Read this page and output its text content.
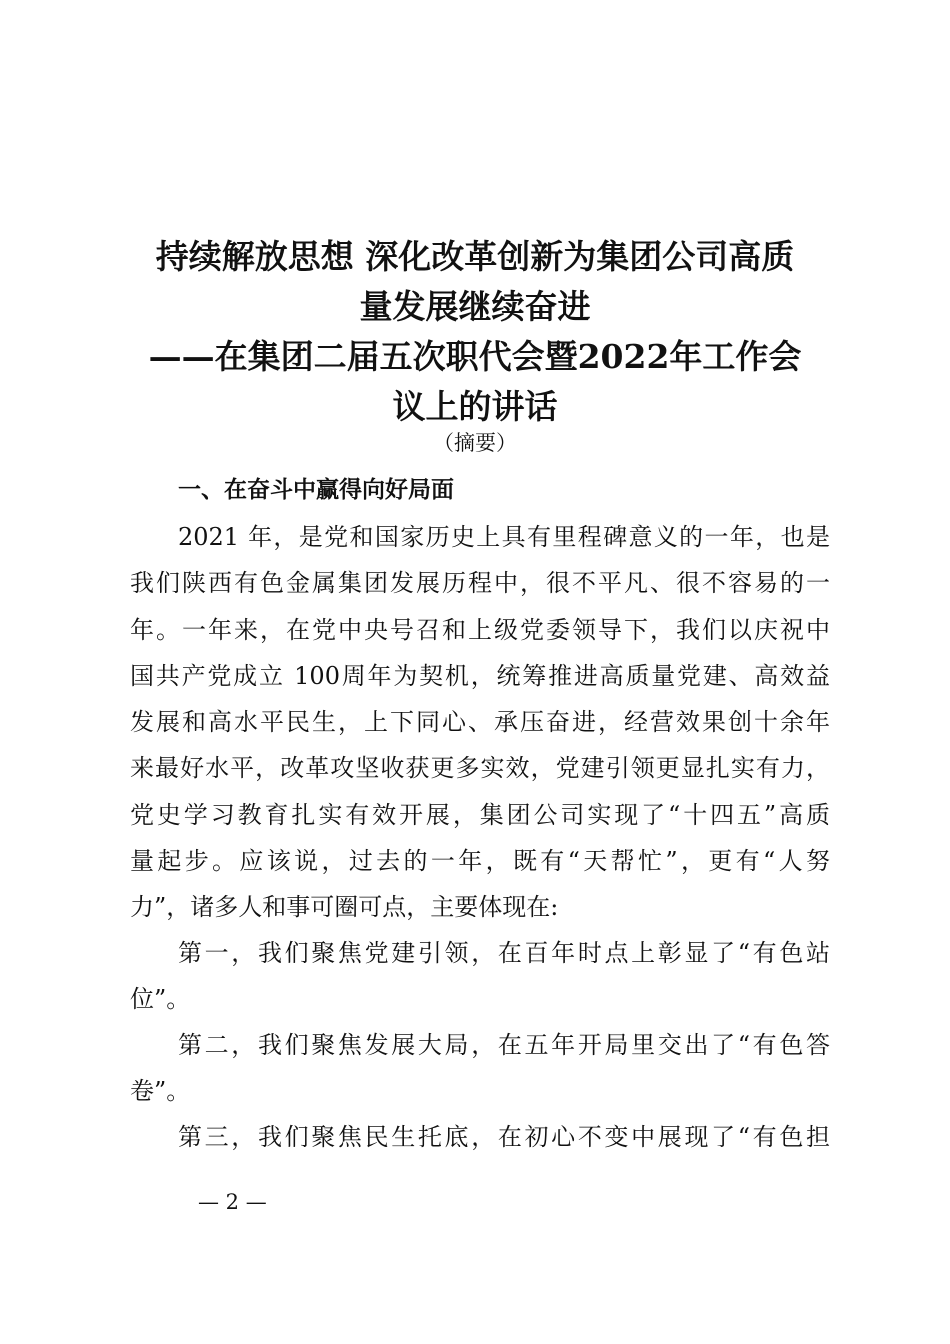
持续解放思想 深化改革创新为集团公司高质
量发展继续奋进
——在集团二届五次职代会暨2022年工作会
议上的讲话
（摘要）
一、在奋斗中赢得向好局面
2021 年，是党和国家历史上具有里程碑意义的一年，也是
我们陕西有色金属集团发展历程中，很不平凡、很不容易的一
年。一年来，在党中央号召和上级党委领导下，我们以庆祝中
国共产党成立 100周年为契机，统筹推进高质量党建、高效益
发展和高水平民生，上下同心、承压奋进，经营效果创十余年
来最好水平，改革攻坚收获更多实效，党建引领更显扎实有力，
党史学习教育扎实有效开展，集团公司实现了“十四五”高质
量起步。应该说，过去的一年，既有“天帮忙”，更有“人努
力”，诸多人和事可圈可点，主要体现在:
第一，我们聚焦党建引领，在百年时点上彰显了“有色站
位”。
第二，我们聚焦发展大局，在五年开局里交出了“有色答
卷”。
第三，我们聚焦民生托底，在初心不变中展现了“有色担
— 2 —
